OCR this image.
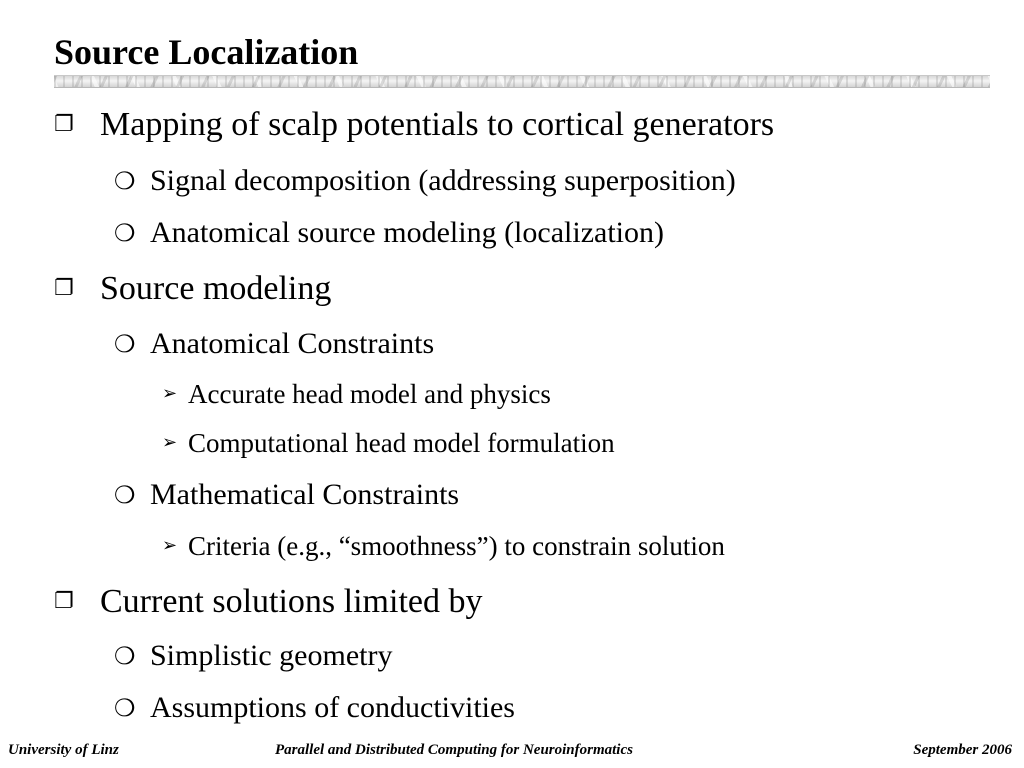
Source Localization
❐ Mapping of scalp potentials to cortical generators
❍ Signal decomposition (addressing superposition)
❍ Anatomical source modeling (localization)
❐ Source modeling
❍ Anatomical Constraints
➢ Accurate head model and physics
➢ Computational head model formulation
❍ Mathematical Constraints
➢ Criteria (e.g., “smoothness”) to constrain solution
❐ Current solutions limited by
❍ Simplistic geometry
❍ Assumptions of conductivities
University of Linz	Parallel and Distributed Computing for Neuroinformatics	September 2006
